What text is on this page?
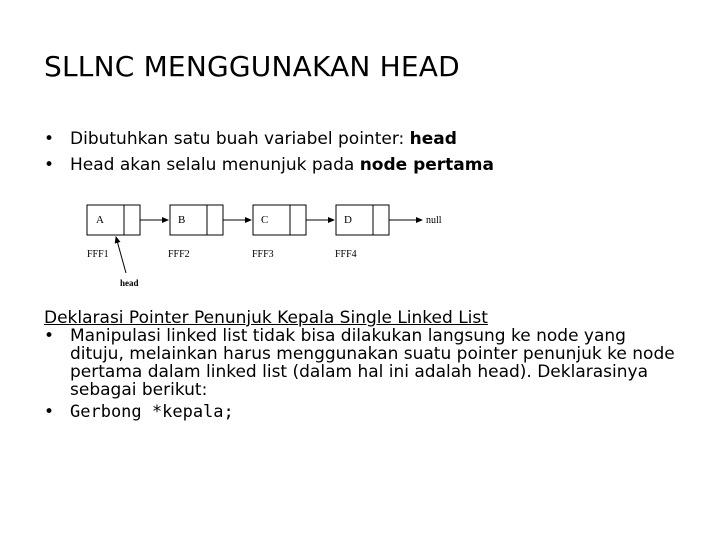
SLLNC MENGGUNAKAN HEAD
• Dibutuhkan satu buah variabel pointer: head
• Head akan selalu menunjuk pada node pertama
A
FFF1
B
FFF2
C
FFF3
D
FFF4
null
head
Deklarasi Pointer Penunjuk Kepala Single Linked List
• Manipulasi linked list tidak bisa dilakukan langsung ke node yang dituju, melainkan harus menggunakan suatu pointer penunjuk ke node pertama dalam linked list (dalam hal ini adalah head). Deklarasinya sebagai berikut:
• Gerbong *kepala;
